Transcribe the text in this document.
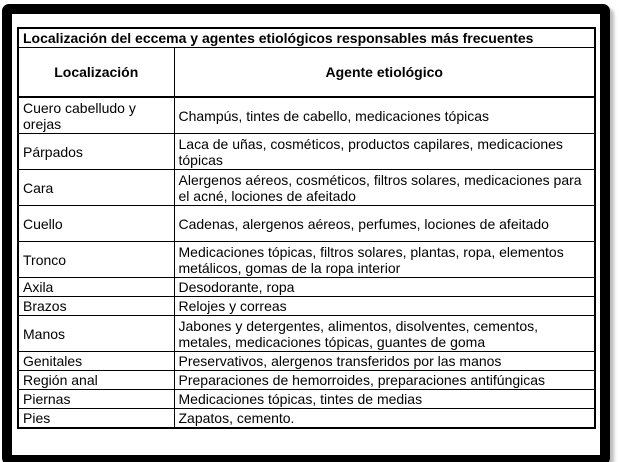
Localización del eccema y agentes etiológicos responsables más frecuentes	
Localización	Agente etiológico
Cuero cabelludo y orejas	Champús, tintes de cabello, medicaciones tópicas
Párpados	Laca de uñas, cosméticos, productos capilares, medicaciones tópicas
Cara	Alergenos aéreos, cosméticos, filtros solares, medicaciones para el acné, lociones de afeitado
Cuello	Cadenas, alergenos aéreos, perfumes, lociones de afeitado
Tronco	Medicaciones tópicas, filtros solares, plantas, ropa, elementos metálicos, gomas de la ropa interior
Axila	Desodorante, ropa
Brazos	Relojes y correas
Manos	Jabones y detergentes, alimentos, disolventes, cementos, metales, medicaciones tópicas, guantes de goma
Genitales	Preservativos, alergenos transferidos por las manos
Región anal	Preparaciones de hemorroides, preparaciones antifúngicas
Piernas	Medicaciones tópicas, tintes de medias
Pies	Zapatos, cemento.
